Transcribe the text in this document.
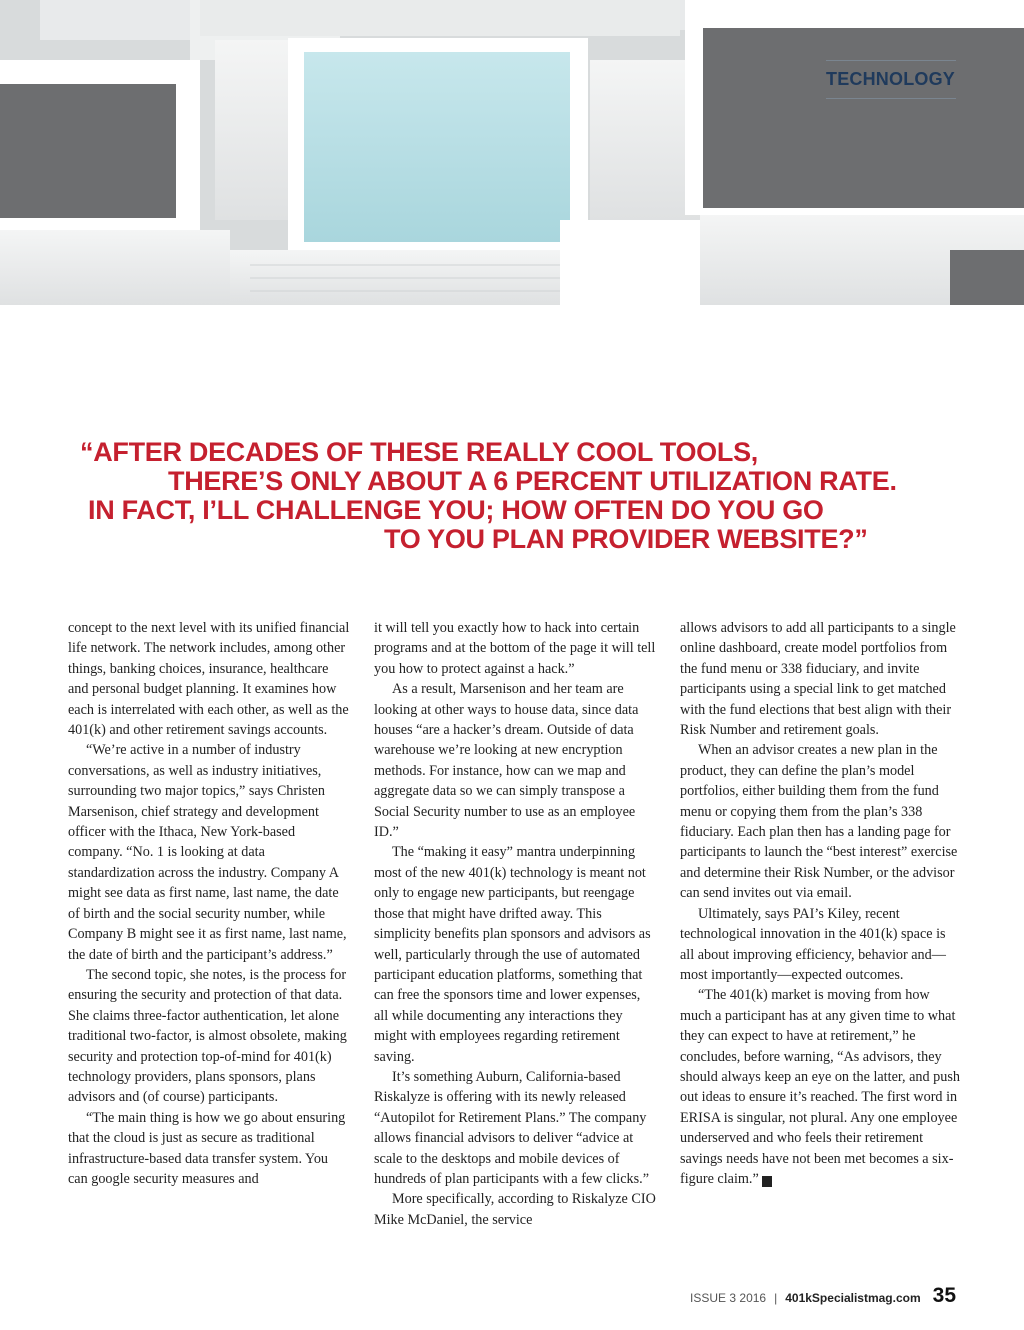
TECHNOLOGY
“AFTER DECADES OF THESE REALLY COOL TOOLS,
THERE’S ONLY ABOUT A 6 PERCENT UTILIZATION RATE.
IN FACT, I’LL CHALLENGE YOU; HOW OFTEN DO YOU GO
TO YOU PLAN PROVIDER WEBSITE?”

concept to the next level with its unified financial life network. The network includes, among other things, banking choices, insurance, healthcare and personal budget planning. It examines how each is interrelated with each other, as well as the 401(k) and other retirement savings accounts.

“We’re active in a number of industry conversations, as well as industry initiatives, surrounding two major topics,” says Christen Marsenison, chief strategy and development officer with the Ithaca, New York-based company. “No. 1 is looking at data standardization across the industry. Company A might see data as first name, last name, the date of birth and the social security number, while Company B might see it as first name, last name, the date of birth and the participant’s address.”

The second topic, she notes, is the process for ensuring the security and protection of that data. She claims three-factor authentication, let alone traditional two-factor, is almost obsolete, making security and protection top-of-mind for 401(k) technology providers, plans sponsors, plans advisors and (of course) participants.

“The main thing is how we go about ensuring that the cloud is just as secure as traditional infrastructure-based data transfer system. You can google security measures and

it will tell you exactly how to hack into certain programs and at the bottom of the page it will tell you how to protect against a hack.”

As a result, Marsenison and her team are looking at other ways to house data, since data houses “are a hacker’s dream. Outside of data warehouse we’re looking at new encryption methods. For instance, how can we map and aggregate data so we can simply transpose a Social Security number to use as an employee ID.”

The “making it easy” mantra underpinning most of the new 401(k) technology is meant not only to engage new participants, but reengage those that might have drifted away. This simplicity benefits plan sponsors and advisors as well, particularly through the use of automated participant education platforms, something that can free the sponsors time and lower expenses, all while documenting any interactions they might with employees regarding retirement saving.

It’s something Auburn, California-based Riskalyze is offering with its newly released “Autopilot for Retirement Plans.” The company allows financial advisors to deliver “advice at scale to the desktops and mobile devices of hundreds of plan participants with a few clicks.”

More specifically, according to Riskalyze CIO Mike McDaniel, the service

allows advisors to add all participants to a single online dashboard, create model portfolios from the fund menu or 338 fiduciary, and invite participants using a special link to get matched with the fund elections that best align with their Risk Number and retirement goals.

When an advisor creates a new plan in the product, they can define the plan’s model portfolios, either building them from the fund menu or copying them from the plan’s 338 fiduciary. Each plan then has a landing page for participants to launch the “best interest” exercise and determine their Risk Number, or the advisor can send invites out via email.

Ultimately, says PAI’s Kiley, recent technological innovation in the 401(k) space is all about improving efficiency, behavior and—most importantly—expected outcomes.

“The 401(k) market is moving from how much a participant has at any given time to what they can expect to have at retirement,” he concludes, before warning, “As advisors, they should always keep an eye on the latter, and push out ideas to ensure it’s reached. The first word in ERISA is singular, not plural. Any one employee underserved and who feels their retirement savings needs have not been met becomes a six-figure claim.” K

ISSUE 3 2016 | 401kSpecialistmag.com 35
